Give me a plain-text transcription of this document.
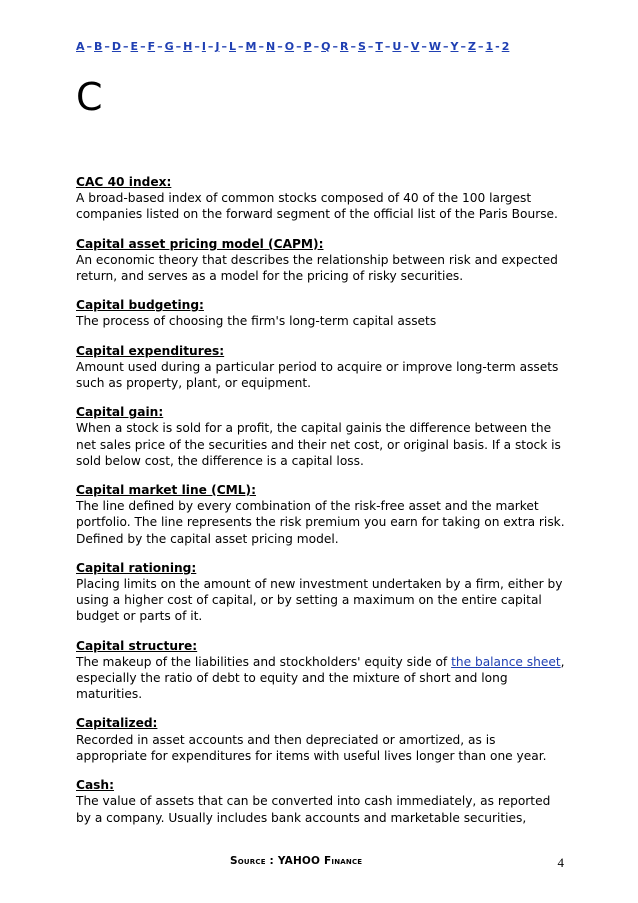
A – B – D – E – F – G – H – I – J – L – M – N – O – P – Q – R – S – T – U – V – W – Y – Z – 1 - 2
C
CAC 40 index:
A broad-based index of common stocks composed of 40 of the 100 largest companies listed on the forward segment of the official list of the Paris Bourse.
Capital asset pricing model (CAPM):
An economic theory that describes the relationship between risk and expected return, and serves as a model for the pricing of risky securities.
Capital budgeting:
The process of choosing the firm's long-term capital assets
Capital expenditures:
Amount used during a particular period to acquire or improve long-term assets such as property, plant, or equipment.
Capital gain:
When a stock is sold for a profit, the capital gainis the difference between the net sales price of the securities and their net cost, or original basis. If a stock is sold below cost, the difference is a capital loss.
Capital market line (CML):
The line defined by every combination of the risk-free asset and the market portfolio. The line represents the risk premium you earn for taking on extra risk. Defined by the capital asset pricing model.
Capital rationing:
Placing limits on the amount of new investment undertaken by a firm, either by using a higher cost of capital, or by setting a maximum on the entire capital budget or parts of it.
Capital structure:
The makeup of the liabilities and stockholders' equity side of the balance sheet, especially the ratio of debt to equity and the mixture of short and long maturities.
Capitalized:
Recorded in asset accounts and then depreciated or amortized, as is appropriate for expenditures for items with useful lives longer than one year.
Cash:
The value of assets that can be converted into cash immediately, as reported by a company. Usually includes bank accounts and marketable securities,
Source : YAHOO Finance	4
